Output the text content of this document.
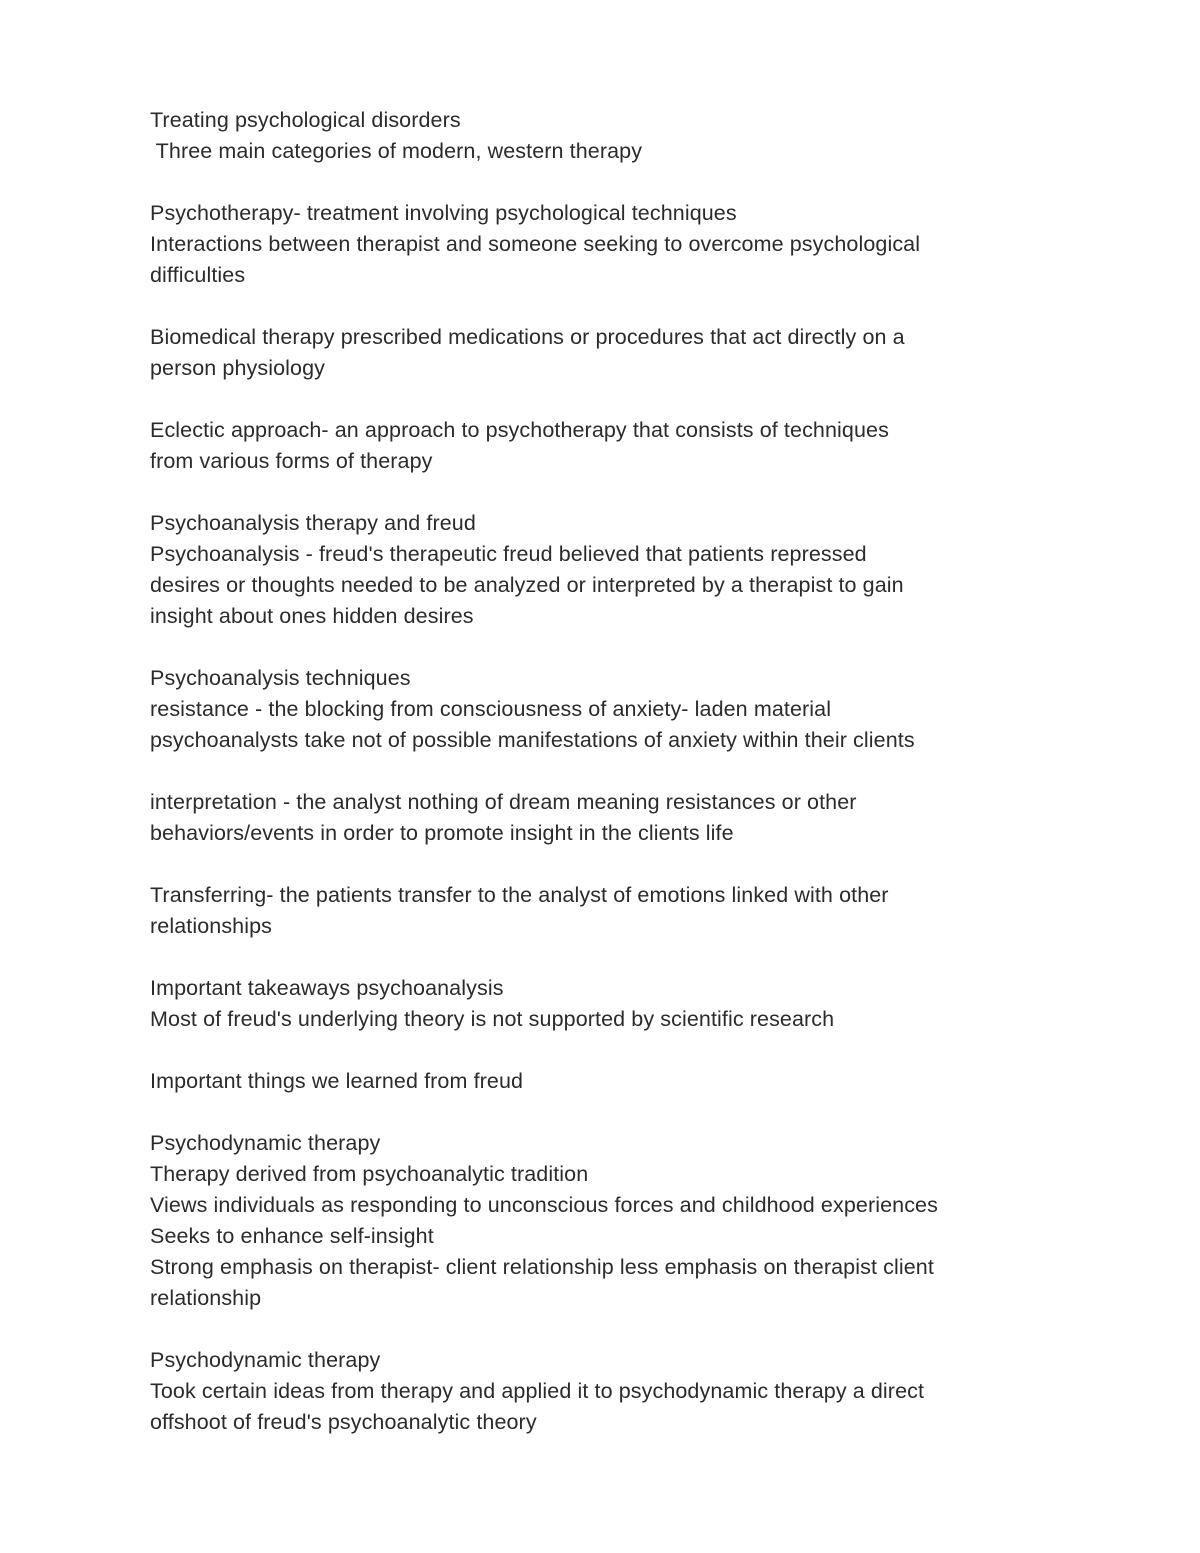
Treating psychological disorders
Three main categories of modern, western therapy
Psychotherapy- treatment involving psychological techniques
Interactions between therapist and someone seeking to overcome psychological
difficulties
Biomedical therapy prescribed medications or procedures that act directly on a
person physiology
Eclectic approach- an approach to psychotherapy that consists of techniques
from various forms of therapy
Psychoanalysis therapy and freud
Psychoanalysis - freud's therapeutic freud believed that patients repressed
desires or thoughts needed to be analyzed or interpreted by a therapist to gain
insight about ones hidden desires
Psychoanalysis techniques
resistance - the blocking from consciousness of anxiety- laden material
psychoanalysts take not of possible manifestations of anxiety within their clients
interpretation - the analyst nothing of dream meaning resistances or other
behaviors/events in order to promote insight in the clients life
Transferring- the patients transfer to the analyst of emotions linked with other
relationships
Important takeaways psychoanalysis
Most of freud's underlying theory is not supported by scientific research
Important things we learned from freud
Psychodynamic therapy
Therapy derived from psychoanalytic tradition
Views individuals as responding to unconscious forces and childhood experiences
Seeks to enhance self-insight
Strong emphasis on therapist- client relationship less emphasis on therapist client
relationship
Psychodynamic therapy
Took certain ideas from therapy and applied it to psychodynamic therapy a direct
offshoot of freud's psychoanalytic theory
